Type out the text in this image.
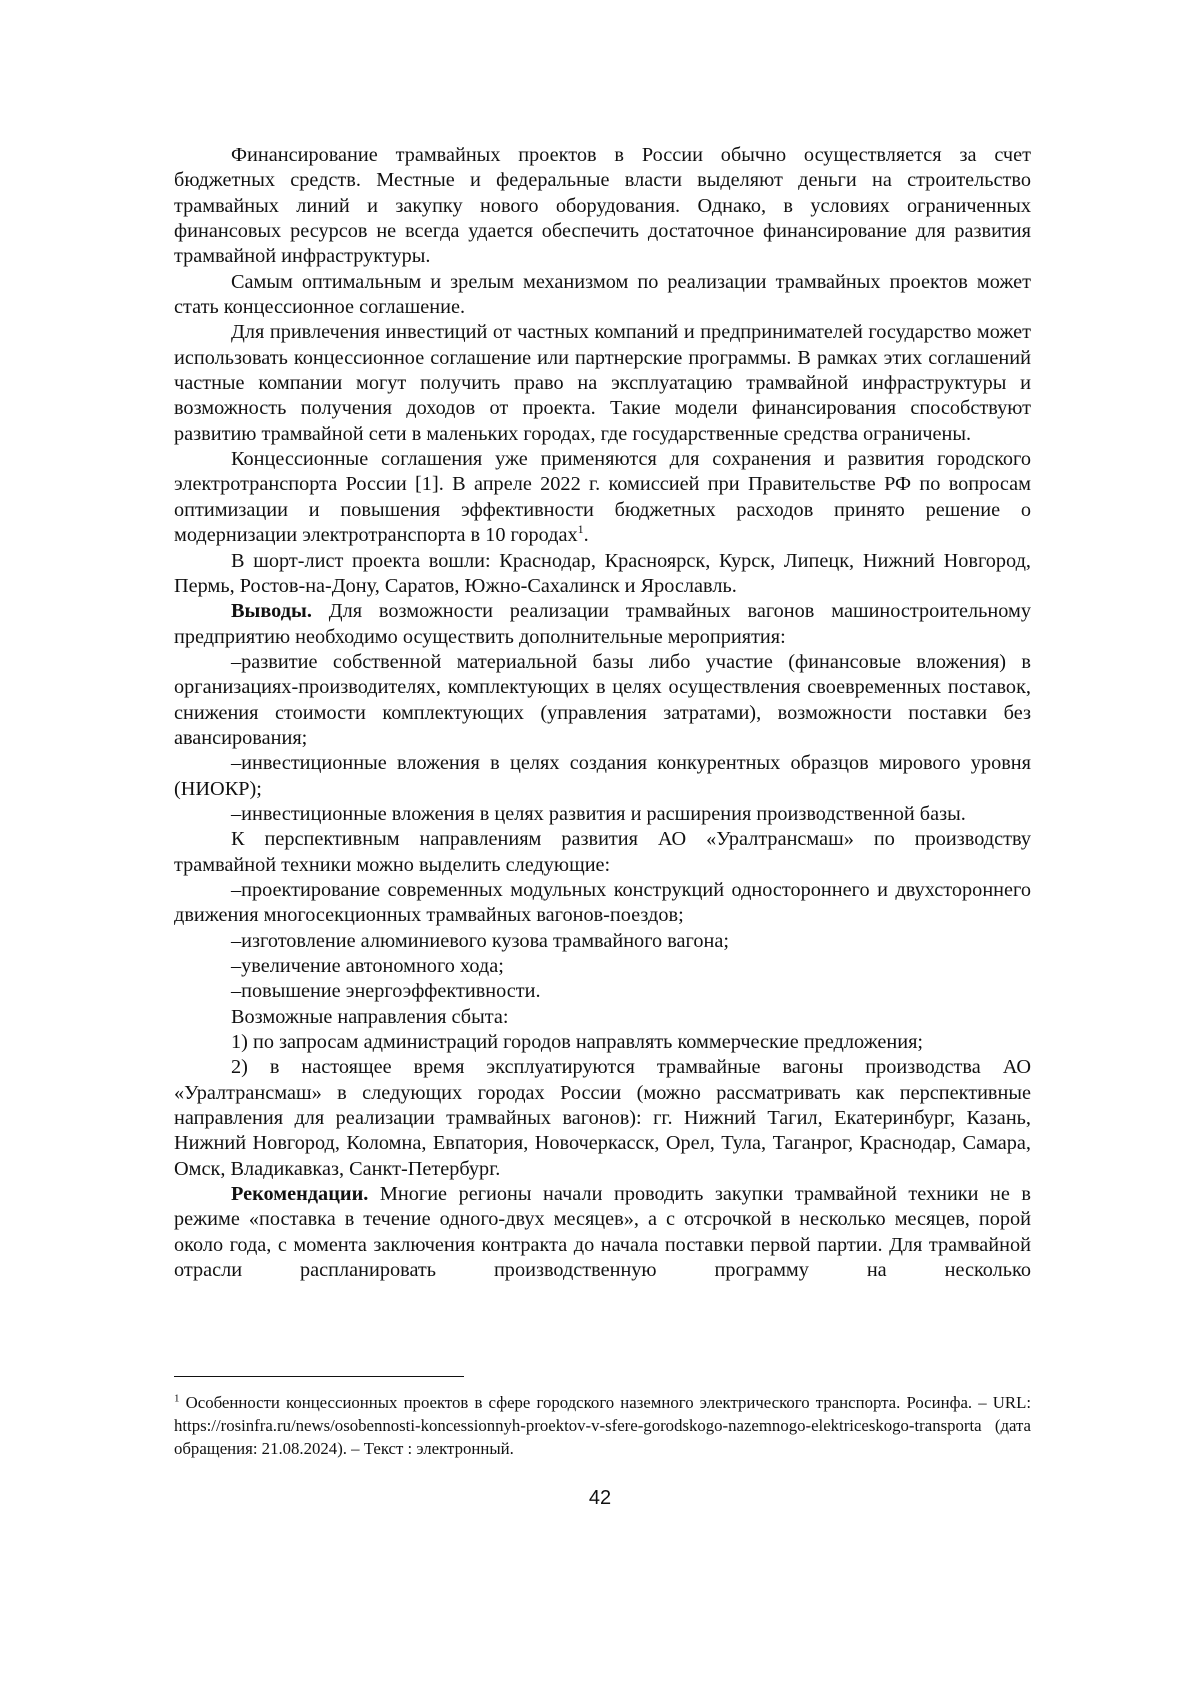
Финансирование трамвайных проектов в России обычно осуществляется за счет бюджетных средств. Местные и федеральные власти выделяют деньги на строительство трамвайных линий и закупку нового оборудования. Однако, в условиях ограниченных финансовых ресурсов не всегда удается обеспечить достаточное финансирование для развития трамвайной инфраструктуры.

Самым оптимальным и зрелым механизмом по реализации трамвайных проектов может стать концессионное соглашение.

Для привлечения инвестиций от частных компаний и предпринимателей государство может использовать концессионное соглашение или партнерские программы. В рамках этих соглашений частные компании могут получить право на эксплуатацию трамвайной инфраструктуры и возможность получения доходов от проекта. Такие модели финансирования способствуют развитию трамвайной сети в маленьких городах, где государственные средства ограничены.

Концессионные соглашения уже применяются для сохранения и развития городского электротранспорта России [1]. В апреле 2022 г. комиссией при Правительстве РФ по вопросам оптимизации и повышения эффективности бюджетных расходов принято решение о модернизации электротранспорта в 10 городах$^1$.

В шорт-лист проекта вошли: Краснодар, Красноярск, Курск, Липецк, Нижний Новгород, Пермь, Ростов-на-Дону, Саратов, Южно-Сахалинск и Ярославль.

Выводы. Для возможности реализации трамвайных вагонов машиностроительному предприятию необходимо осуществить дополнительные мероприятия:

–развитие собственной материальной базы либо участие (финансовые вложения) в организациях-производителях, комплектующих в целях осуществления своевременных поставок, снижения стоимости комплектующих (управления затратами), возможности поставки без авансирования;

–инвестиционные вложения в целях создания конкурентных образцов мирового уровня (НИОКР);

–инвестиционные вложения в целях развития и расширения производственной базы.

К перспективным направлениям развития АО «Уралтрансмаш» по производству трамвайной техники можно выделить следующие:

–проектирование современных модульных конструкций одностороннего и двухстороннего движения многосекционных трамвайных вагонов-поездов;

–изготовление алюминиевого кузова трамвайного вагона;

–увеличение автономного хода;

–повышение энергоэффективности.

Возможные направления сбыта:

1) по запросам администраций городов направлять коммерческие предложения;

2) в настоящее время эксплуатируются трамвайные вагоны производства АО «Уралтрансмаш» в следующих городах России (можно рассматривать как перспективные направления для реализации трамвайных вагонов): гг. Нижний Тагил, Екатеринбург, Казань, Нижний Новгород, Коломна, Евпатория, Новочеркасск, Орел, Тула, Таганрог, Краснодар, Самара, Омск, Владикавказ, Санкт-Петербург.

Рекомендации. Многие регионы начали проводить закупки трамвайной техники не в режиме «поставка в течение одного-двух месяцев», а с отсрочкой в несколько месяцев, порой около года, с момента заключения контракта до начала поставки первой партии. Для трамвайной отрасли распланировать производственную программу на несколько

$^1$ Особенности концессионных проектов в сфере городского наземного электрического транспорта. Росинфа. – URL: https://rosinfra.ru/news/osobennosti-koncessionnyh-proektov-v-sfere-gorodskogo-nazemnogo-elektriceskogo-transporta (дата обращения: 21.08.2024). – Текст : электронный.
42
